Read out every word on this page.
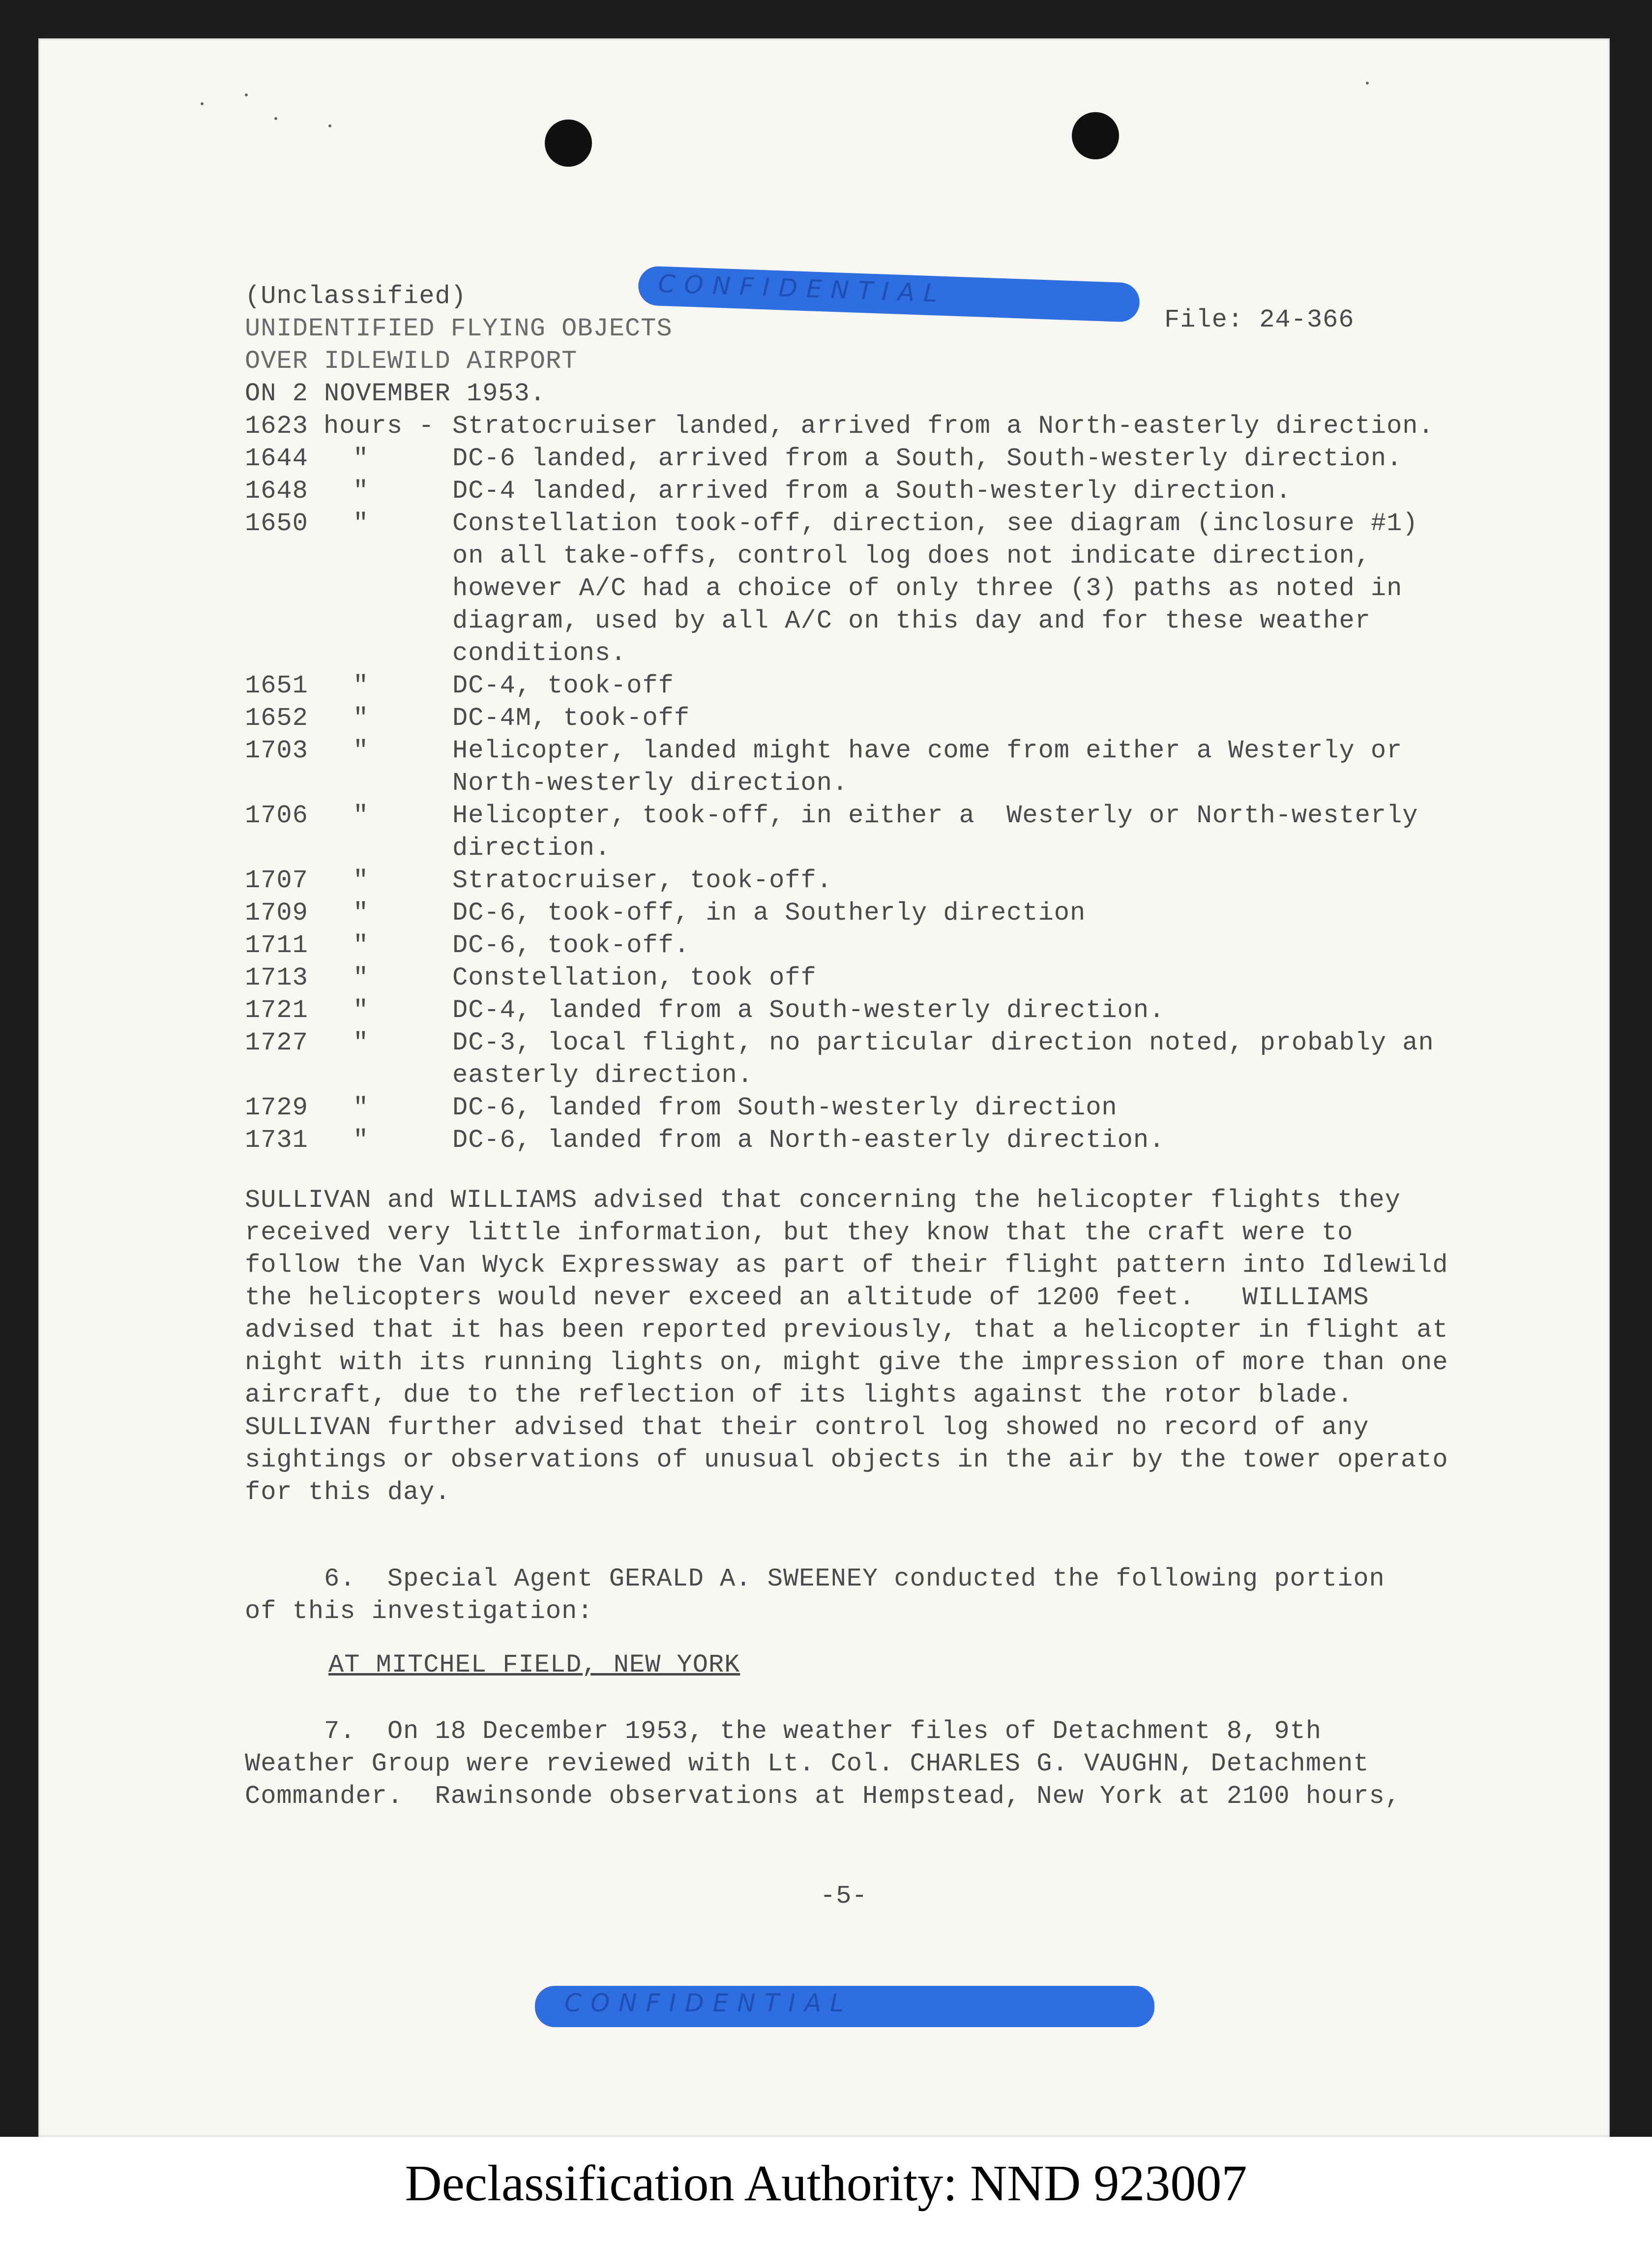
(Unclassified)	CONFIDENTIAL
File: 24-366
UNIDENTIFIED FLYING OBJECTS
OVER IDLEWILD AIRPORT
ON 2 NOVEMBER 1953.
1623 hours - Stratocruiser landed, arrived from a North-easterly direction.
1644 "	DC-6 landed, arrived from a South, South-westerly direction.
1648 "	DC-4 landed, arrived from a South-westerly direction.
1650 "	Constellation took-off, direction, see diagram (inclosure #1)
on all take-offs, control log does not indicate direction,
however A/C had a choice of only three (3) paths as noted in
diagram, used by all A/C on this day and for these weather
conditions.
1651 "	DC-4, took-off
1652 "	DC-4M, took-off
1703 "	Helicopter, landed might have come from either a Westerly or
North-westerly direction.
1706 "	Helicopter, took-off, in either a  Westerly or North-westerly
direction.
1707 "	Stratocruiser, took-off.
1709 "	DC-6, took-off, in a Southerly direction
1711 "	DC-6, took-off.
1713 "	Constellation, took off
1721 "	DC-4, landed from a South-westerly direction.
1727 "	DC-3, local flight, no particular direction noted, probably an
easterly direction.
1729 "	DC-6, landed from South-westerly direction
1731 "	DC-6, landed from a North-easterly direction.
SULLIVAN and WILLIAMS advised that concerning the helicopter flights they
received very little information, but they know that the craft were to
follow the Van Wyck Expressway as part of their flight pattern into Idlewild
the helicopters would never exceed an altitude of 1200 feet.   WILLIAMS
advised that it has been reported previously, that a helicopter in flight at
night with its running lights on, might give the impression of more than one
aircraft, due to the reflection of its lights against the rotor blade.
SULLIVAN further advised that their control log showed no record of any
sightings or observations of unusual objects in the air by the tower operato
for this day.
6.  Special Agent GERALD A. SWEENEY conducted the following portion
of this investigation:
AT MITCHEL FIELD, NEW YORK
7.  On 18 December 1953, the weather files of Detachment 8, 9th
Weather Group were reviewed with Lt. Col. CHARLES G. VAUGHN, Detachment
Commander.  Rawinsonde observations at Hempstead, New York at 2100 hours,
-5-
CONFIDENTIAL
Declassification Authority: NND 923007
